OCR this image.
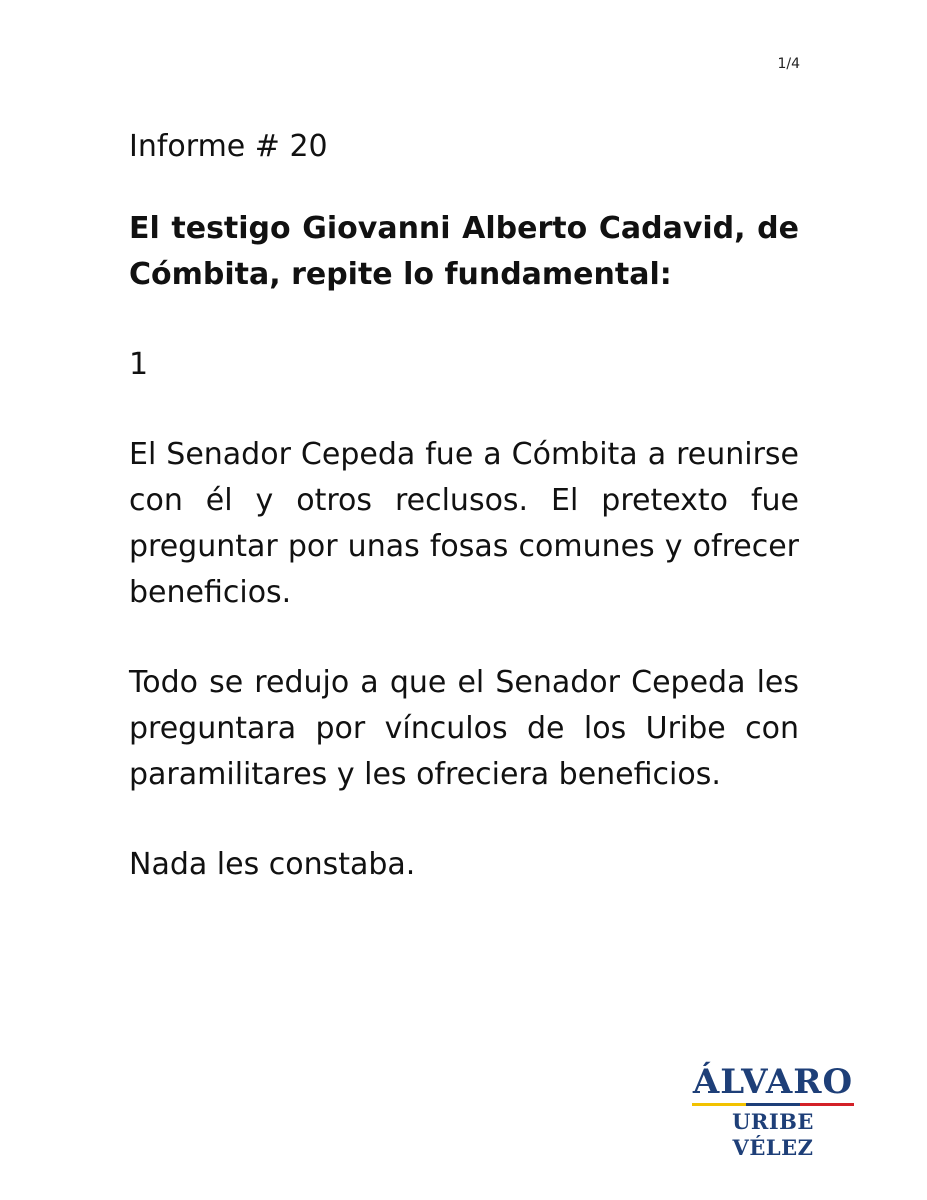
1/4
Informe # 20
El testigo Giovanni Alberto Cadavid, de Cómbita, repite lo fundamental:
1
El Senador Cepeda fue a Cómbita a reunirse con él y otros reclusos. El pretexto fue preguntar por unas fosas comunes y ofrecer beneficios.
Todo se redujo a que el Senador Cepeda les preguntara por vínculos de los Uribe con paramilitares y les ofreciera beneficios.
Nada les constaba.
ÁLVARO
URIBE VÉLEZ
